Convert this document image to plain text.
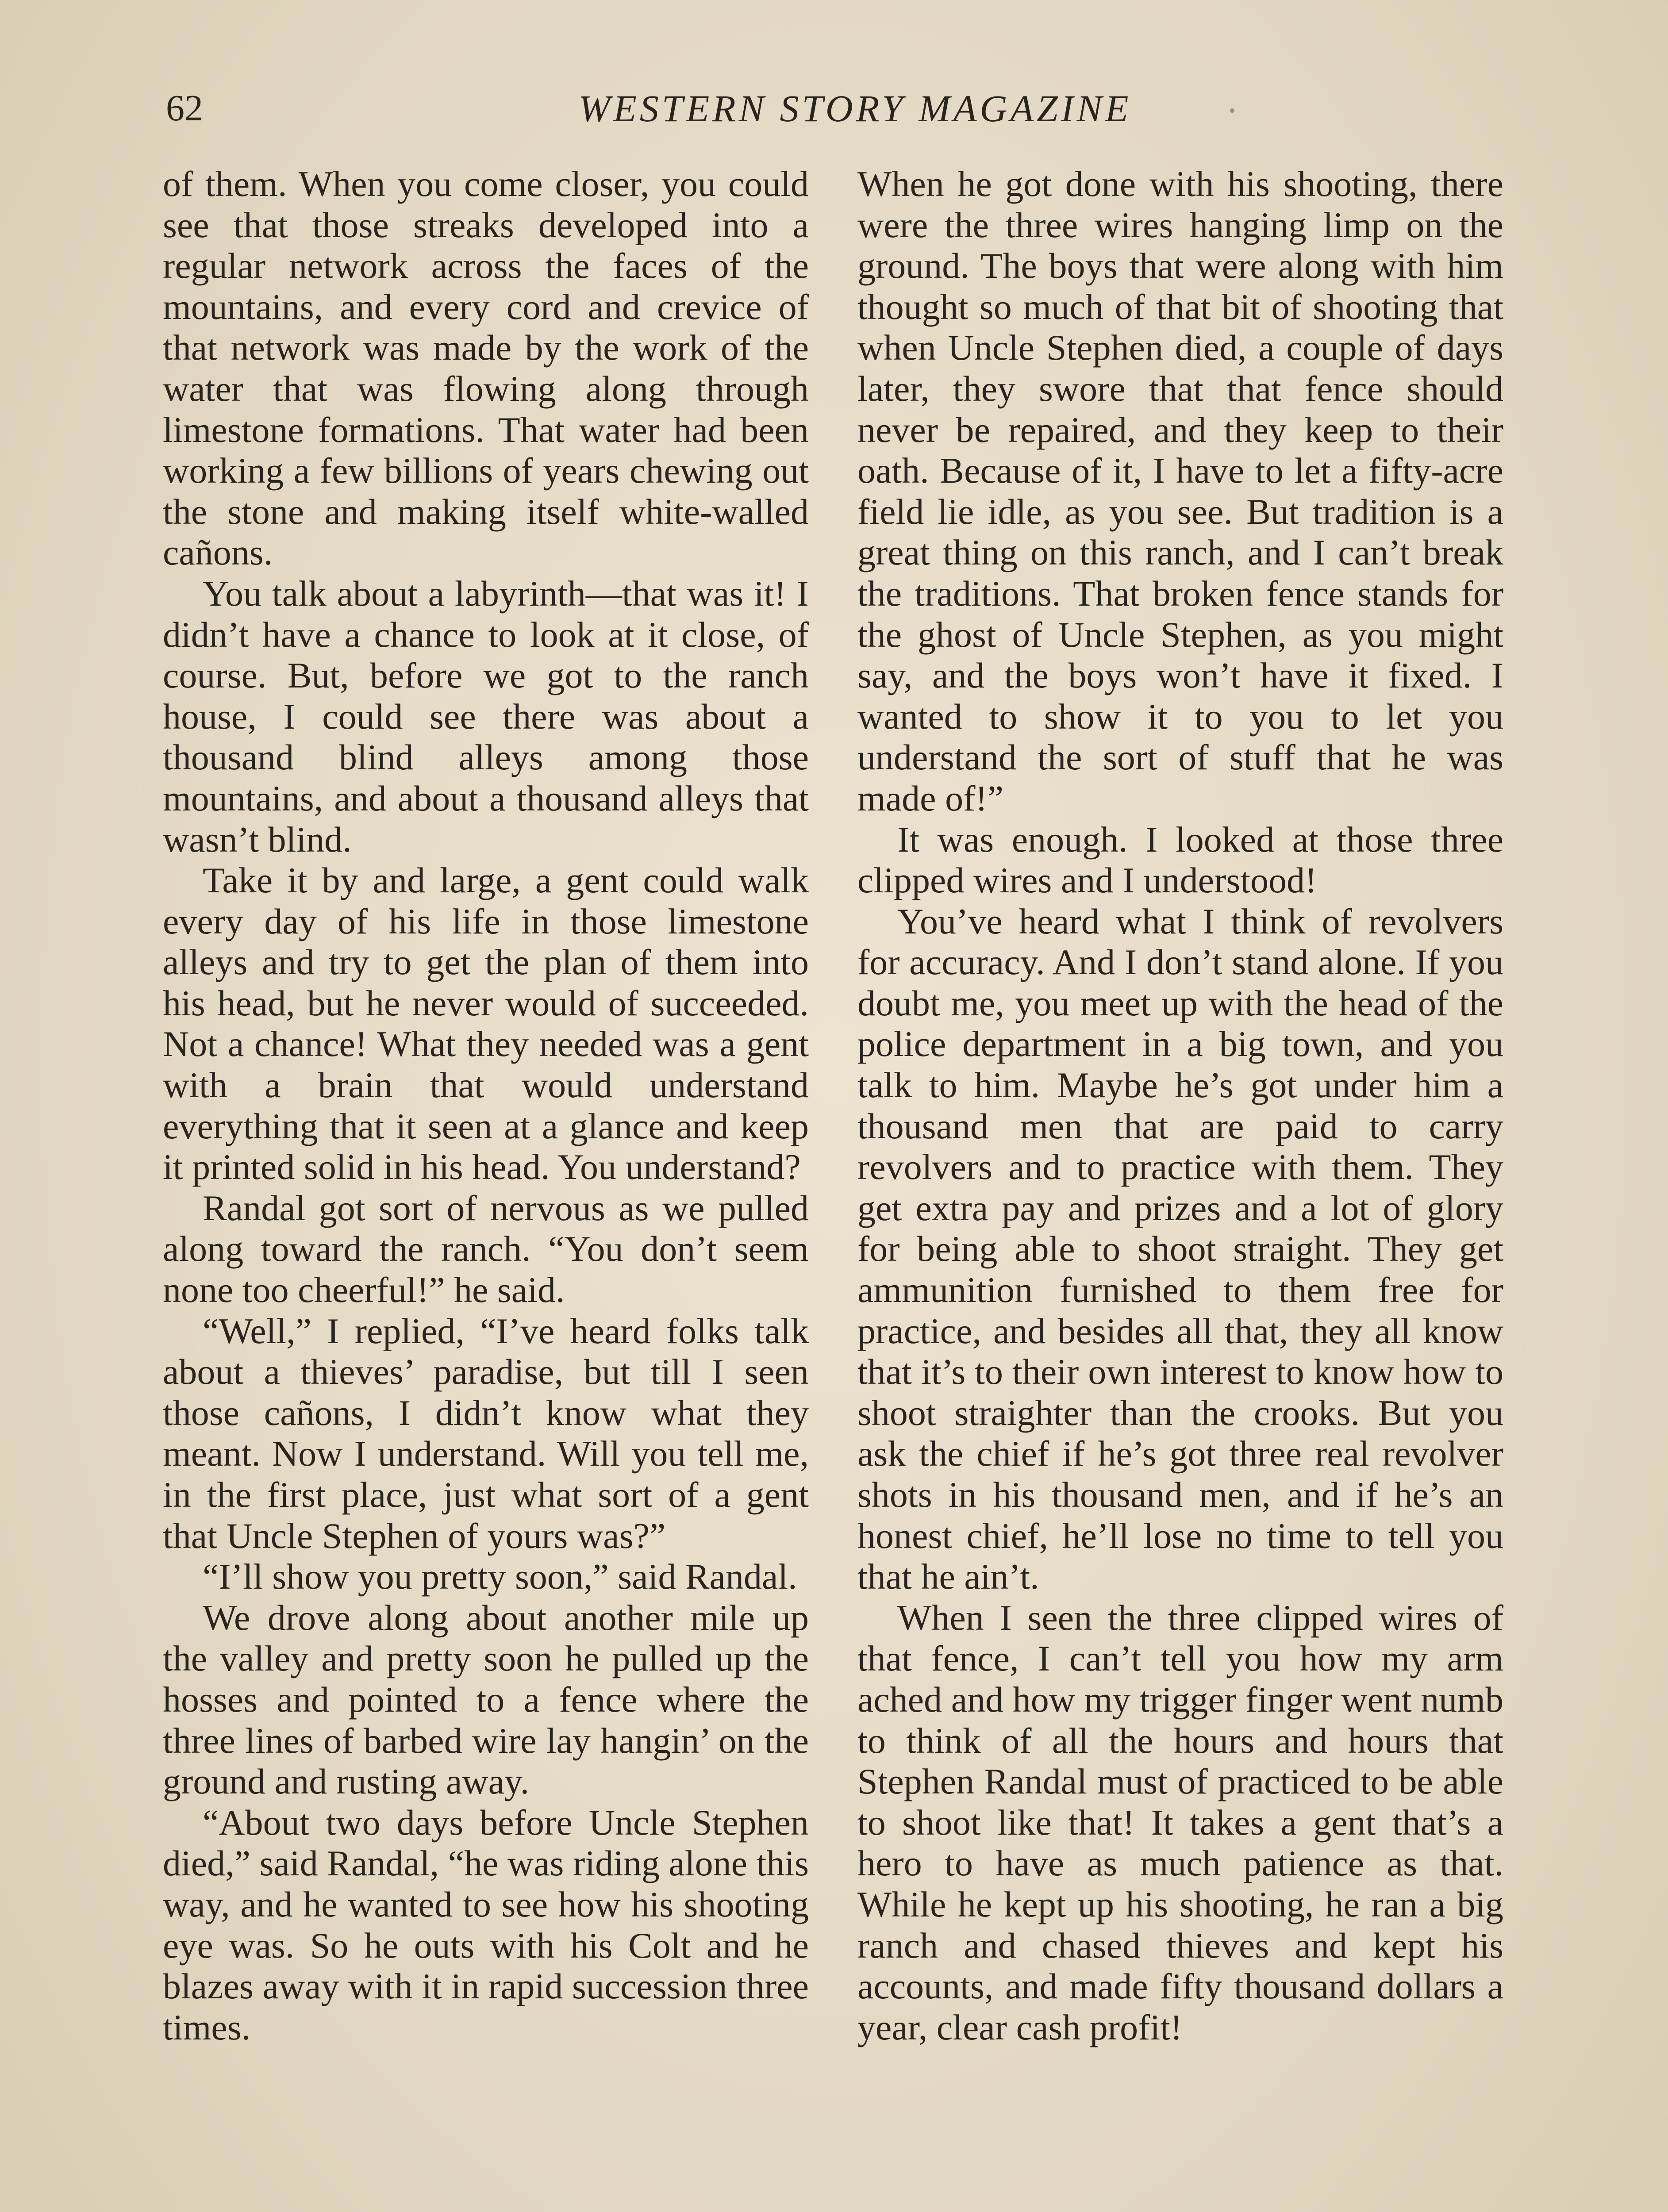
62	WESTERN STORY MAGAZINE

of them. When you come closer, you could see that those streaks developed into a regular network across the faces of the mountains, and every cord and crevice of that network was made by the work of the water that was flowing along through limestone formations. That water had been working a few billions of years chewing out the stone and making itself white-walled cañons.

You talk about a labyrinth—that was it! I didn’t have a chance to look at it close, of course. But, before we got to the ranch house, I could see there was about a thousand blind alleys among those mountains, and about a thousand alleys that wasn’t blind.

Take it by and large, a gent could walk every day of his life in those limestone alleys and try to get the plan of them into his head, but he never would of succeeded. Not a chance! What they needed was a gent with a brain that would understand everything that it seen at a glance and keep it printed solid in his head. You understand?

Randal got sort of nervous as we pulled along toward the ranch. “You don’t seem none too cheerful!” he said.

“Well,” I replied, “I’ve heard folks talk about a thieves’ paradise, but till I seen those cañons, I didn’t know what they meant. Now I understand. Will you tell me, in the first place, just what sort of a gent that Uncle Stephen of yours was?”

“I’ll show you pretty soon,” said Randal.

We drove along about another mile up the valley and pretty soon he pulled up the hosses and pointed to a fence where the three lines of barbed wire lay hangin’ on the ground and rusting away.

“About two days before Uncle Stephen died,” said Randal, “he was riding alone this way, and he wanted to see how his shooting eye was. So he outs with his Colt and he blazes away with it in rapid succession three times.

When he got done with his shooting, there were the three wires hanging limp on the ground. The boys that were along with him thought so much of that bit of shooting that when Uncle Stephen died, a couple of days later, they swore that that fence should never be repaired, and they keep to their oath. Because of it, I have to let a fifty-acre field lie idle, as you see. But tradition is a great thing on this ranch, and I can’t break the traditions. That broken fence stands for the ghost of Uncle Stephen, as you might say, and the boys won’t have it fixed. I wanted to show it to you to let you understand the sort of stuff that he was made of!”

It was enough. I looked at those three clipped wires and I understood!

You’ve heard what I think of revolvers for accuracy. And I don’t stand alone. If you doubt me, you meet up with the head of the police department in a big town, and you talk to him. Maybe he’s got under him a thousand men that are paid to carry revolvers and to practice with them. They get extra pay and prizes and a lot of glory for being able to shoot straight. They get ammunition furnished to them free for practice, and besides all that, they all know that it’s to their own interest to know how to shoot straighter than the crooks. But you ask the chief if he’s got three real revolver shots in his thousand men, and if he’s an honest chief, he’ll lose no time to tell you that he ain’t.

When I seen the three clipped wires of that fence, I can’t tell you how my arm ached and how my trigger finger went numb to think of all the hours and hours that Stephen Randal must of practiced to be able to shoot like that! It takes a gent that’s a hero to have as much patience as that. While he kept up his shooting, he ran a big ranch and chased thieves and kept his accounts, and made fifty thousand dollars a year, clear cash profit!
